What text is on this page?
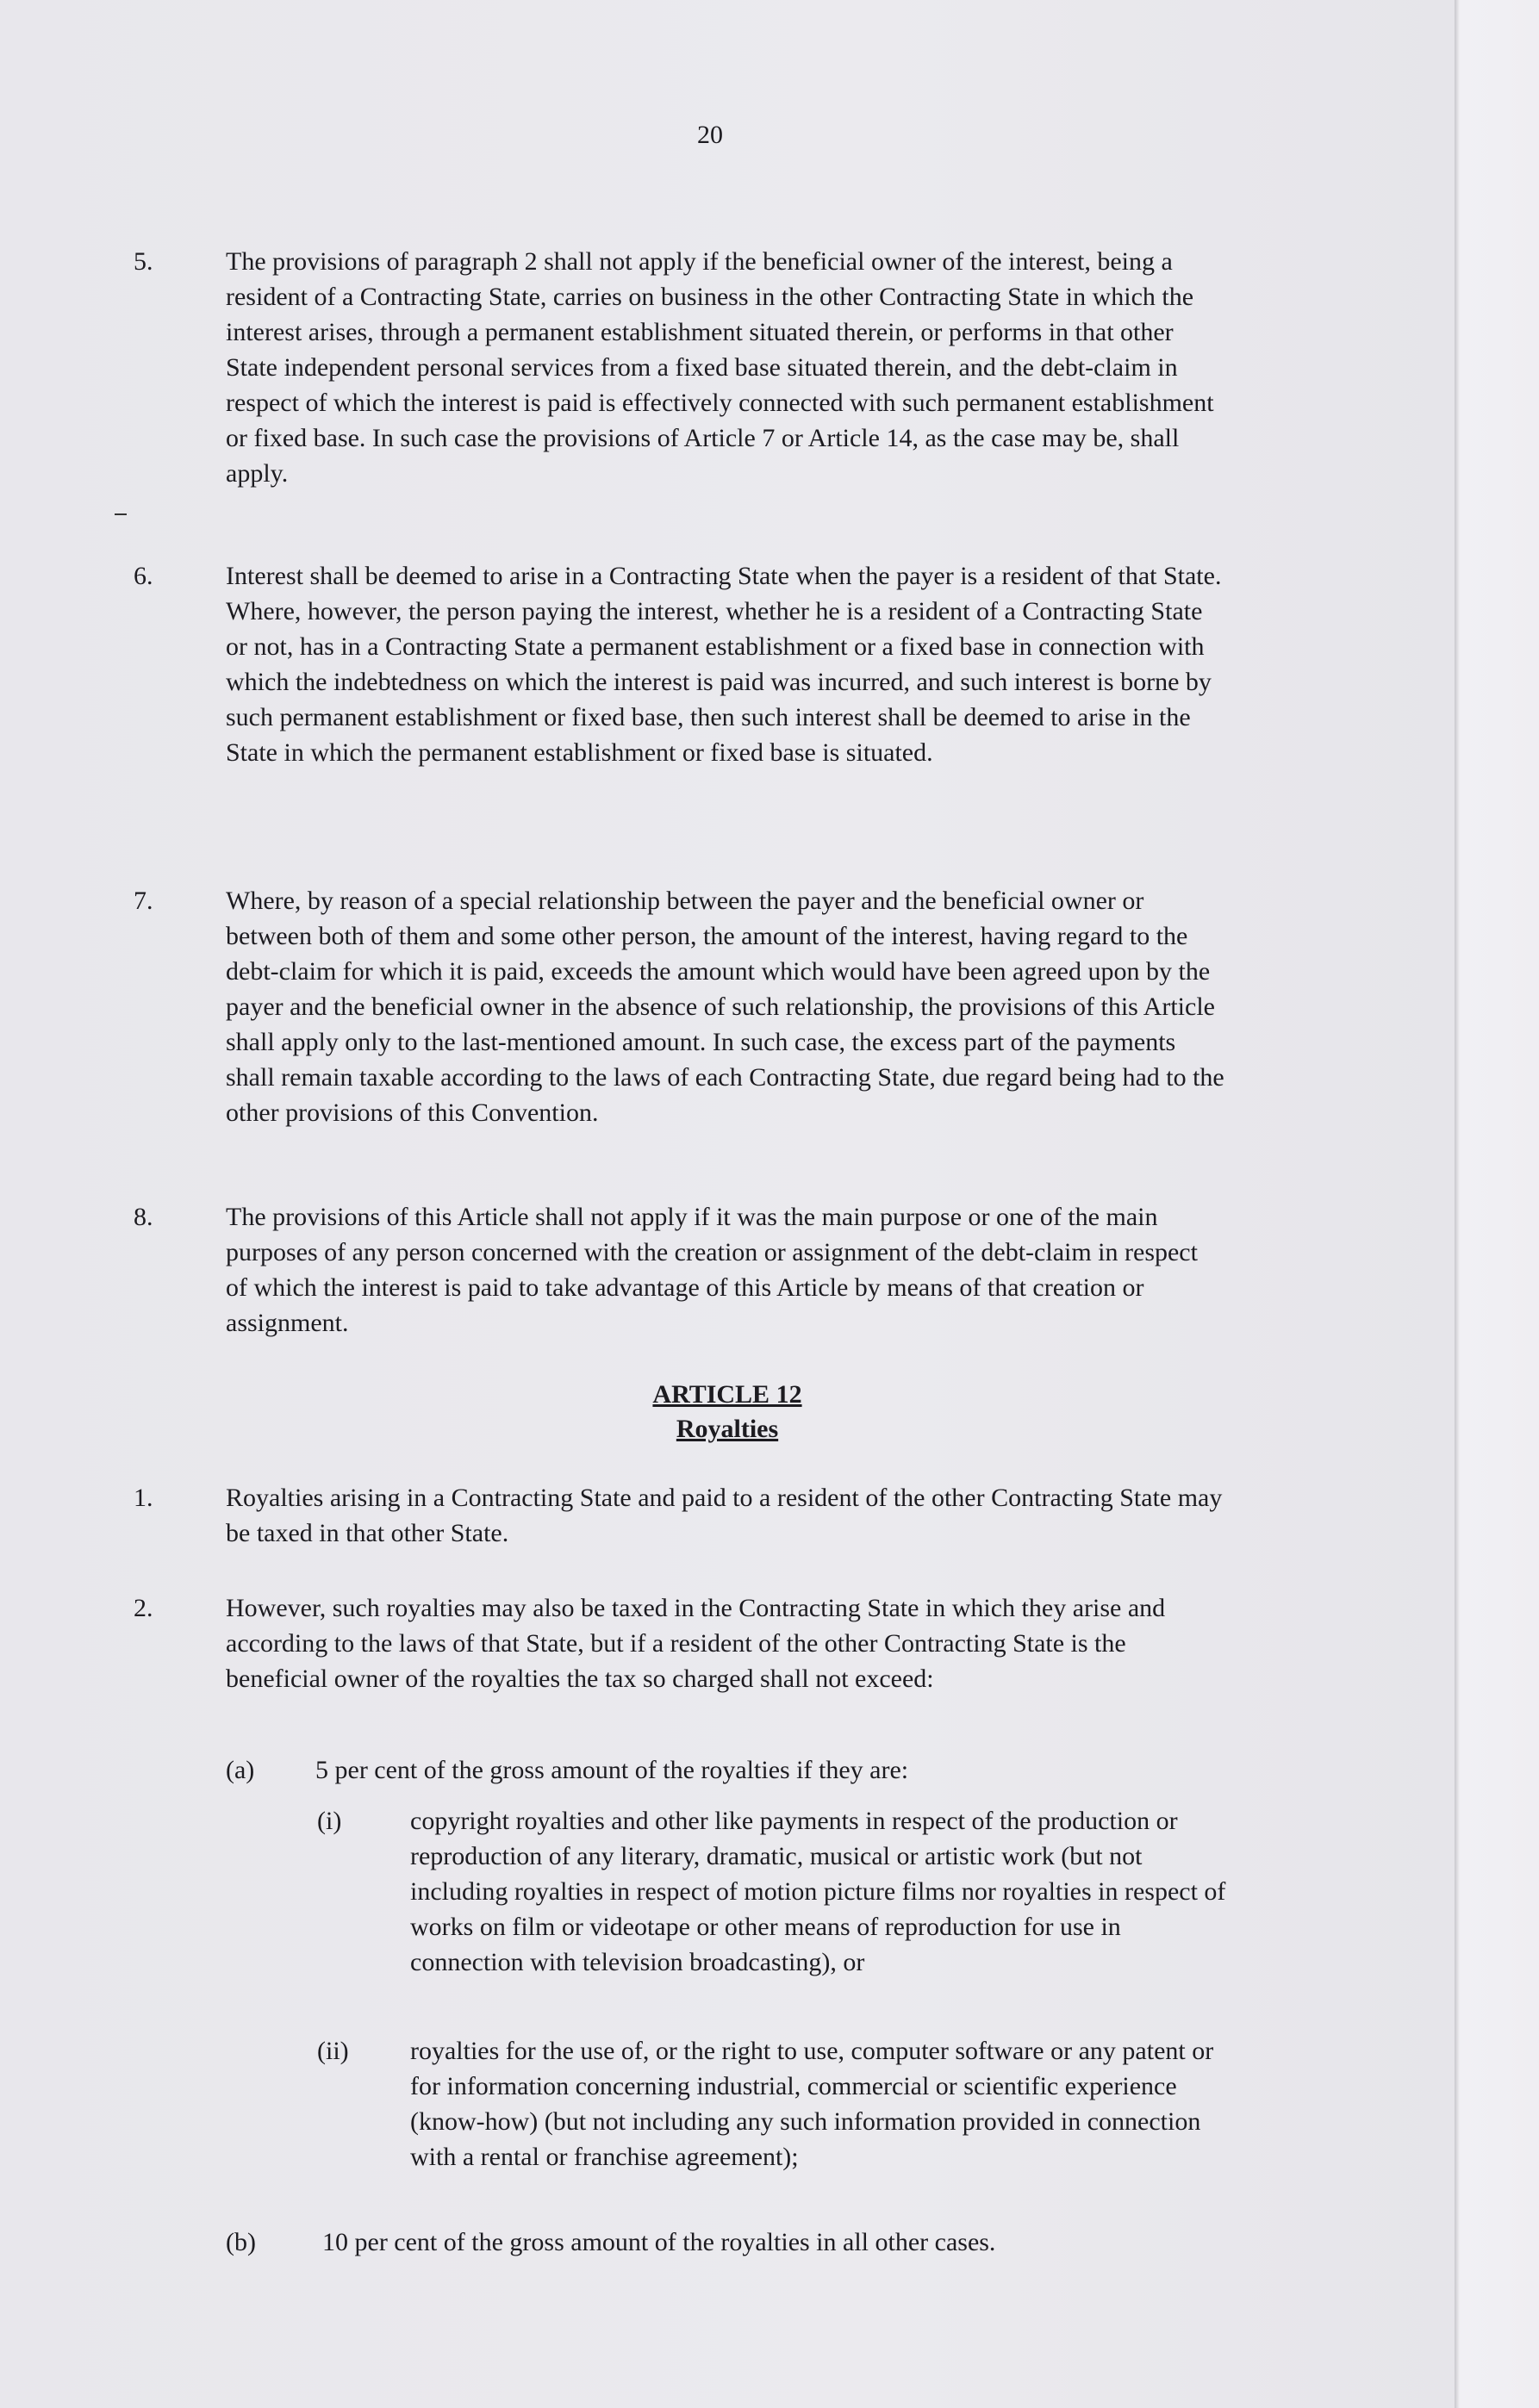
20
5.	The provisions of paragraph 2 shall not apply if the beneficial owner of the interest, being a resident of a Contracting State, carries on business in the other Contracting State in which the interest arises, through a permanent establishment situated therein, or performs in that other State independent personal services from a fixed base situated therein, and the debt-claim in respect of which the interest is paid is effectively connected with such permanent establishment or fixed base. In such case the provisions of Article 7 or Article 14, as the case may be, shall apply.
6.	Interest shall be deemed to arise in a Contracting State when the payer is a resident of that State. Where, however, the person paying the interest, whether he is a resident of a Contracting State or not, has in a Contracting State a permanent establishment or a fixed base in connection with which the indebtedness on which the interest is paid was incurred, and such interest is borne by such permanent establishment or fixed base, then such interest shall be deemed to arise in the State in which the permanent establishment or fixed base is situated.
7.	Where, by reason of a special relationship between the payer and the beneficial owner or between both of them and some other person, the amount of the interest, having regard to the debt-claim for which it is paid, exceeds the amount which would have been agreed upon by the payer and the beneficial owner in the absence of such relationship, the provisions of this Article shall apply only to the last-mentioned amount. In such case, the excess part of the payments shall remain taxable according to the laws of each Contracting State, due regard being had to the other provisions of this Convention.
8.	The provisions of this Article shall not apply if it was the main purpose or one of the main purposes of any person concerned with the creation or assignment of the debt-claim in respect of which the interest is paid to take advantage of this Article by means of that creation or assignment.
ARTICLE 12
Royalties
1.	Royalties arising in a Contracting State and paid to a resident of the other Contracting State may be taxed in that other State.
2.	However, such royalties may also be taxed in the Contracting State in which they arise and according to the laws of that State, but if a resident of the other Contracting State is the beneficial owner of the royalties the tax so charged shall not exceed:
(a) 5 per cent of the gross amount of the royalties if they are:
(i)	copyright royalties and other like payments in respect of the production or reproduction of any literary, dramatic, musical or artistic work (but not including royalties in respect of motion picture films nor royalties in respect of works on film or videotape or other means of reproduction for use in connection with television broadcasting), or
(ii) royalties for the use of, or the right to use, computer software or any patent or for information concerning industrial, commercial or scientific experience (know-how) (but not including any such information provided in connection with a rental or franchise agreement);
(b)	10 per cent of the gross amount of the royalties in all other cases.
